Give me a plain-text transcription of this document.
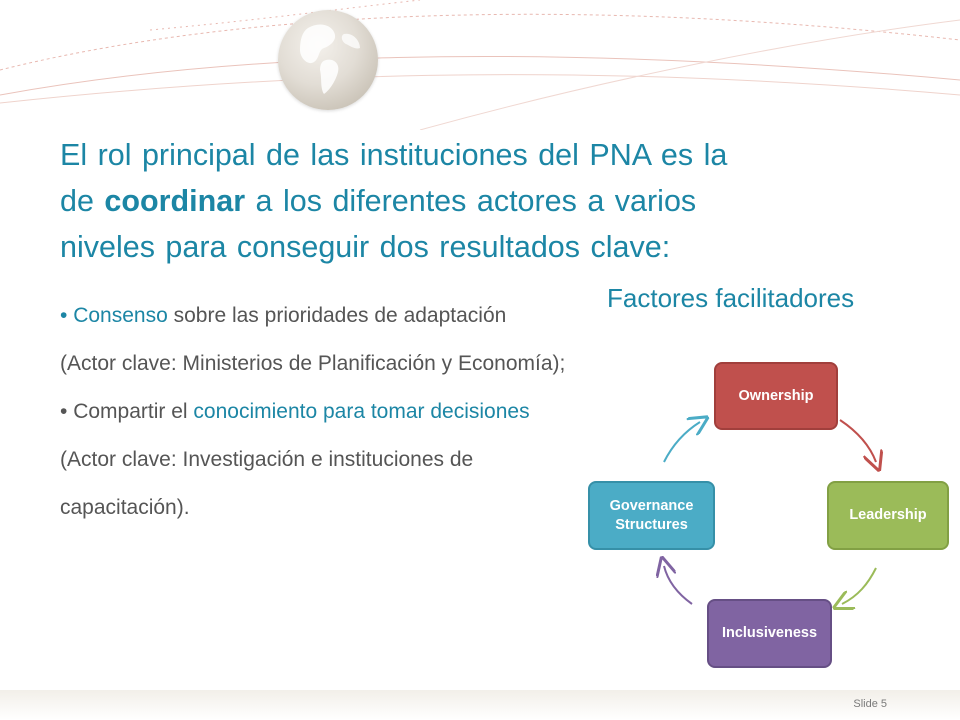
El rol principal de las instituciones del PNA es la
de coordinar a los diferentes actores a varios
niveles para conseguir dos resultados clave:
• Consenso sobre las prioridades de adaptación
(Actor clave: Ministerios de Planificación y Economía);
• Compartir el conocimiento para tomar decisiones
(Actor clave: Investigación e instituciones de capacitación).
Factores facilitadores
Ownership
Leadership
Inclusiveness
Governance Structures
Slide 5
